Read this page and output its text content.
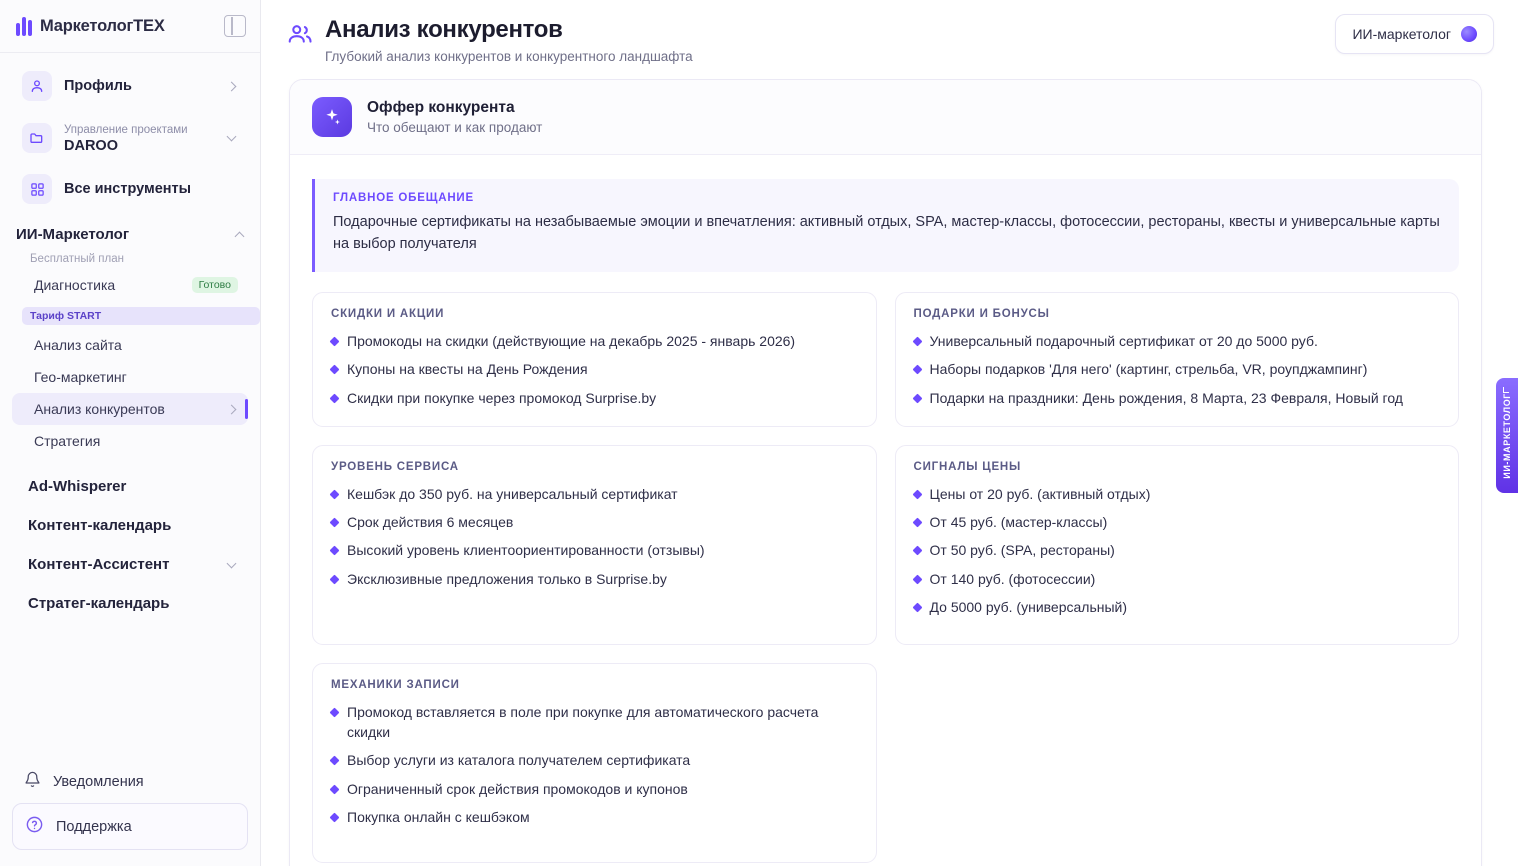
МаркетологТЕХ
Профиль
Управление проектами
DAROO
Все инструменты
ИИ-Маркетолог
Бесплатный план
Диагностика	Готово
Тариф START
Анализ сайта
Гео-маркетинг
Анализ конкурентов
Стратегия
Ad-Whisperer
Контент-календарь
Контент-Ассистент
Стратег-календарь
Уведомления
Поддержка
Анализ конкурентов
Глубокий анализ конкурентов и конкурентного ландшафта
ИИ-маркетолог
Оффер конкурента
Что обещают и как продают
ГЛАВНОЕ ОБЕЩАНИЕ
Подарочные сертификаты на незабываемые эмоции и впечатления: активный отдых, SPA, мастер-классы, фотосессии, рестораны, квесты и универсальные карты на выбор получателя
СКИДКИ И АКЦИИ
Промокоды на скидки (действующие на декабрь 2025 - январь 2026)
Купоны на квесты на День Рождения
Скидки при покупке через промокод Surprise.by
ПОДАРКИ И БОНУСЫ
Универсальный подарочный сертификат от 20 до 5000 руб.
Наборы подарков 'Для него' (картинг, стрельба, VR, роупджампинг)
Подарки на праздники: День рождения, 8 Марта, 23 Февраля, Новый год
УРОВЕНЬ СЕРВИСА
Кешбэк до 350 руб. на универсальный сертификат
Срок действия 6 месяцев
Высокий уровень клиентоориентированности (отзывы)
Эксклюзивные предложения только в Surprise.by
СИГНАЛЫ ЦЕНЫ
Цены от 20 руб. (активный отдых)
От 45 руб. (мастер-классы)
От 50 руб. (SPA, рестораны)
От 140 руб. (фотосессии)
До 5000 руб. (универсальный)
МЕХАНИКИ ЗАПИСИ
Промокод вставляется в поле при покупке для автоматического расчета скидки
Выбор услуги из каталога получателем сертификата
Ограниченный срок действия промокодов и купонов
Покупка онлайн с кешбэком
ИИ-МАРКЕТОЛОГ
